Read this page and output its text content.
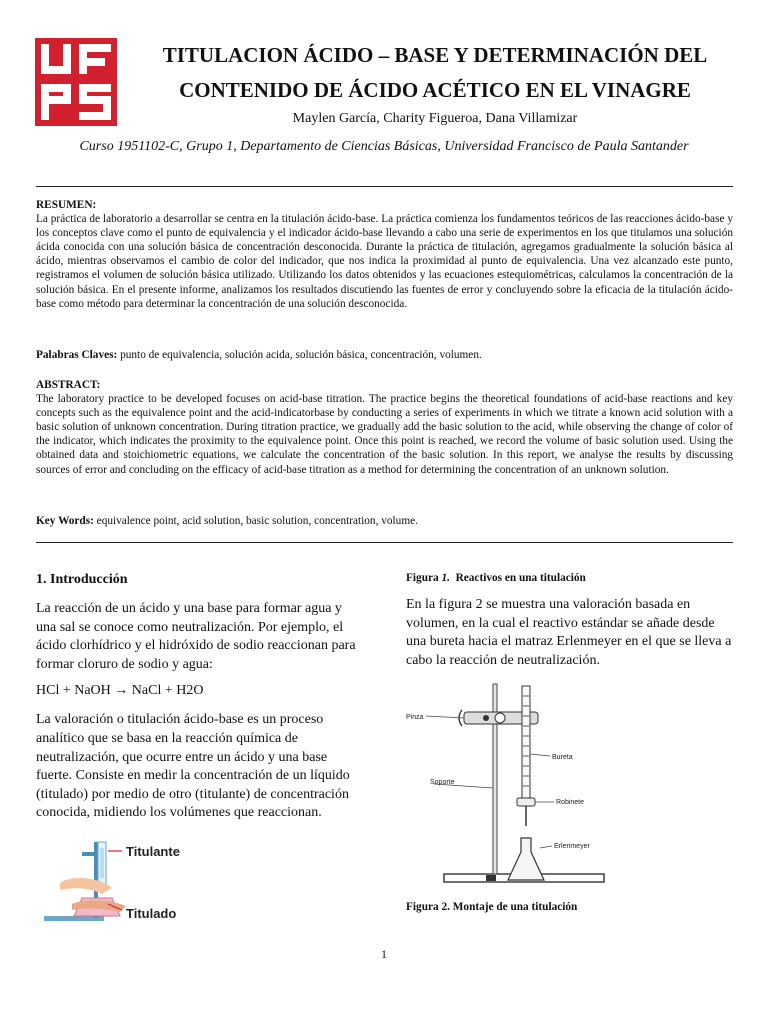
TITULACION ÁCIDO – BASE Y DETERMINACIÓN DEL
CONTENIDO DE ÁCIDO ACÉTICO EN EL VINAGRE
Maylen García, Charity Figueroa, Dana Villamizar
Curso 1951102-C, Grupo 1, Departamento de Ciencias Básicas, Universidad Francisco de Paula Santander
RESUMEN:
La práctica de laboratorio a desarrollar se centra en la titulación ácido-base. La práctica comienza los fundamentos teóricos de las reacciones ácido-base y los conceptos clave como el punto de equivalencia y el indicador ácido-base llevando a cabo una serie de experimentos en los que titulamos una solución ácida conocida con una solución básica de concentración desconocida. Durante la práctica de titulación, agregamos gradualmente la solución básica al ácido, mientras observamos el cambio de color del indicador, que nos indica la proximidad al punto de equivalencia. Una vez alcanzado este punto, registramos el volumen de solución básica utilizado. Utilizando los datos obtenidos y las ecuaciones estequiométricas, calculamos la concentración de la solución básica. En el presente informe, analizamos los resultados discutiendo las fuentes de error y concluyendo sobre la eficacia de la titulación ácido-base como método para determinar la concentración de una solución desconocida.
Palabras Claves: punto de equivalencia, solución acida, solución básica, concentración, volumen.
ABSTRACT:
The laboratory practice to be developed focuses on acid-base titration. The practice begins the theoretical foundations of acid-base reactions and key concepts such as the equivalence point and the acid-indicatorbase by conducting a series of experiments in which we titrate a known acid solution with a basic solution of unknown concentration. During titration practice, we gradually add the basic solution to the acid, while observing the change of color of the indicator, which indicates the proximity to the equivalence point. Once this point is reached, we record the volume of basic solution used. Using the obtained data and stoichiometric equations, we calculate the concentration of the basic solution. In this report, we analyse the results by discussing sources of error and concluding on the efficacy of acid-base titration as a method for determining the concentration of an unknown solution.
Key Words: equivalence point, acid solution, basic solution, concentration, volume.
1. Introducción

La reacción de un ácido y una base para formar agua y una sal se conoce como neutralización. Por ejemplo, el ácido clorhídrico y el hidróxido de sodio reaccionan para formar cloruro de sodio y agua:

HCl + NaOH → NaCl + H2O

La valoración o titulación ácido-base es un proceso analítico que se basa en la reacción química de neutralización, que ocurre entre un ácido y una base fuerte. Consiste en medir la concentración de un líquido (titulado) por medio de otro (titulante) de concentración conocida, midiendo los volúmenes que reaccionan.

Titulante
Titulado
Figura 1. Reactivos en una titulación

En la figura 2 se muestra una valoración basada en volumen, en la cual el reactivo estándar se añade desde una bureta hacia el matraz Erlenmeyer en el que se lleva a cabo la reacción de neutralización.

Pinza
Bureta
Soporte
Robinete
Erlenmeyer
Figura 2. Montaje de una titulación
1
